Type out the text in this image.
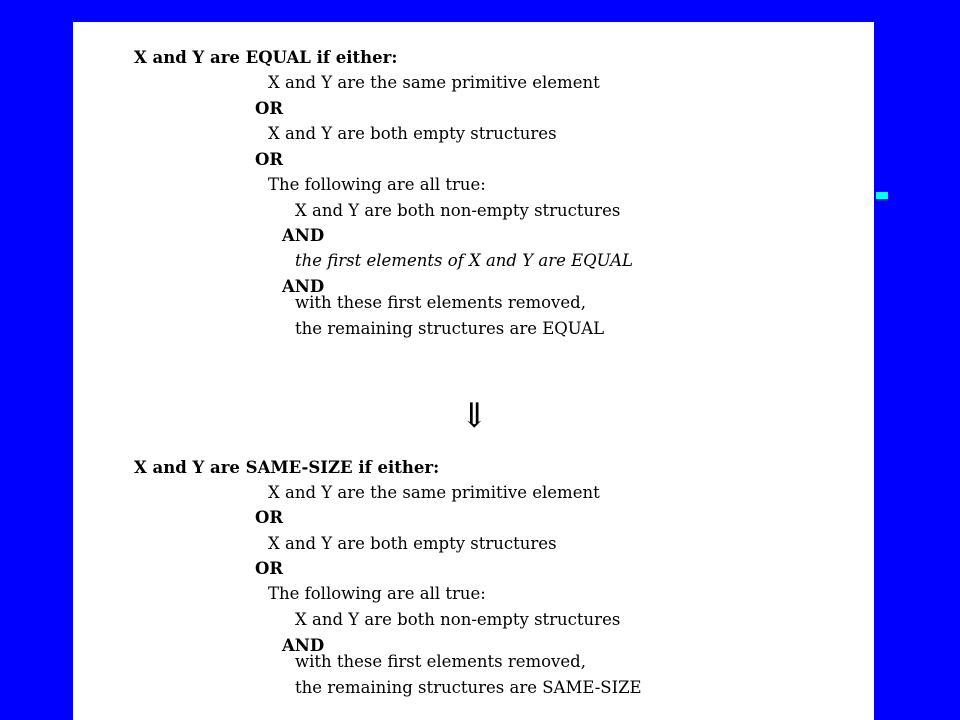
X and Y are EQUAL if either:
X and Y are the same primitive element
OR
X and Y are both empty structures
OR
The following are all true:
X and Y are both non-empty structures
AND
the first elements of X and Y are EQUAL
AND
with these first elements removed,
the remaining structures are EQUAL
⇓
X and Y are SAME-SIZE if either:
X and Y are the same primitive element
OR
X and Y are both empty structures
OR
The following are all true:
X and Y are both non-empty structures
AND
with these first elements removed,
the remaining structures are SAME-SIZE
